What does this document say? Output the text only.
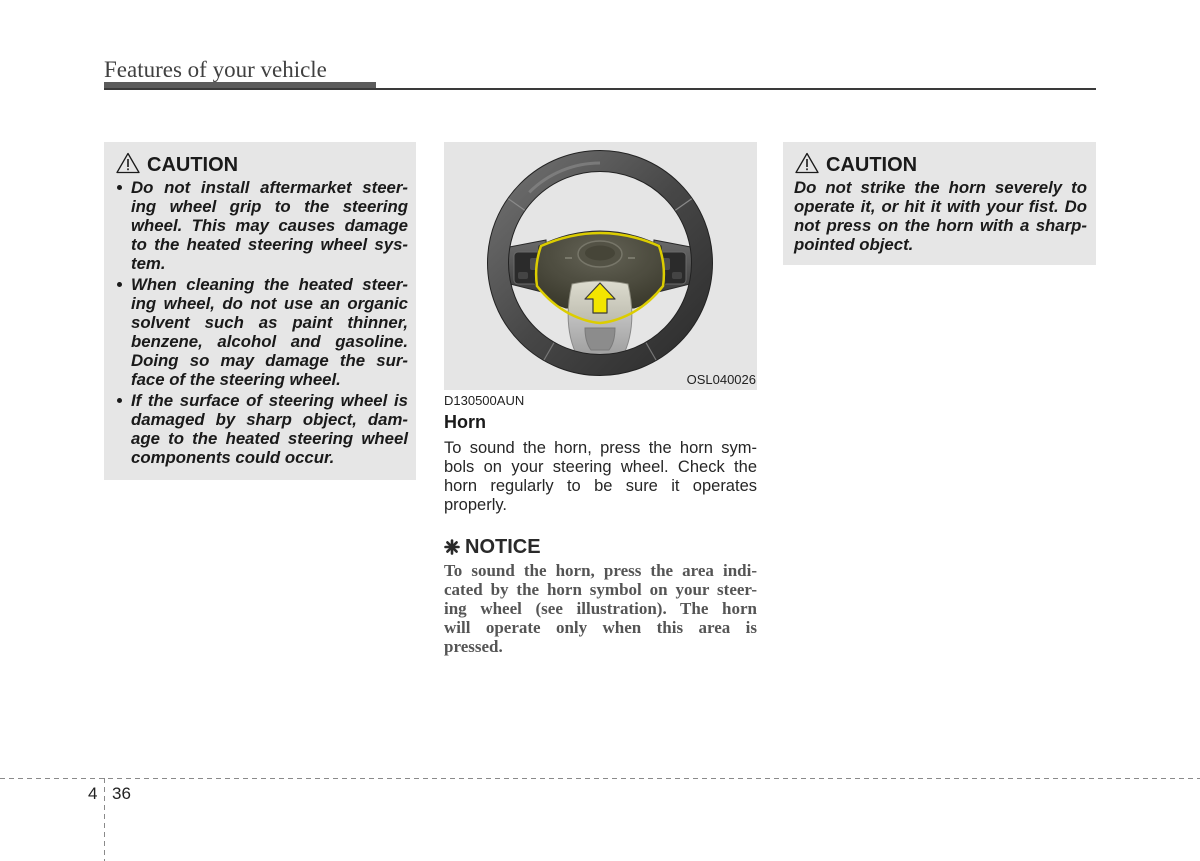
Features of your vehicle
CAUTION
Do not install aftermarket steer-
ing wheel grip to the steering
wheel. This may causes damage
to the heated steering wheel sys-
tem.
When cleaning the heated steer-
ing wheel, do not use an organic
solvent such as paint thinner,
benzene, alcohol and gasoline.
Doing so may damage the sur-
face of the steering wheel.
If the surface of steering wheel is
damaged by sharp object, dam-
age to the heated steering wheel
components could occur.
OSL040026
D130500AUN
Horn
To sound the horn, press the horn sym-
bols on your steering wheel. Check the
horn regularly to be sure it operates
properly.
NOTICE
To sound the horn, press the area indi-
cated by the horn symbol on your steer-
ing wheel (see illustration). The horn
will operate only when this area is
pressed.
CAUTION
Do not strike the horn severely to
operate it, or hit it with your fist. Do
not press on the horn with a sharp-
pointed object.
4 36
